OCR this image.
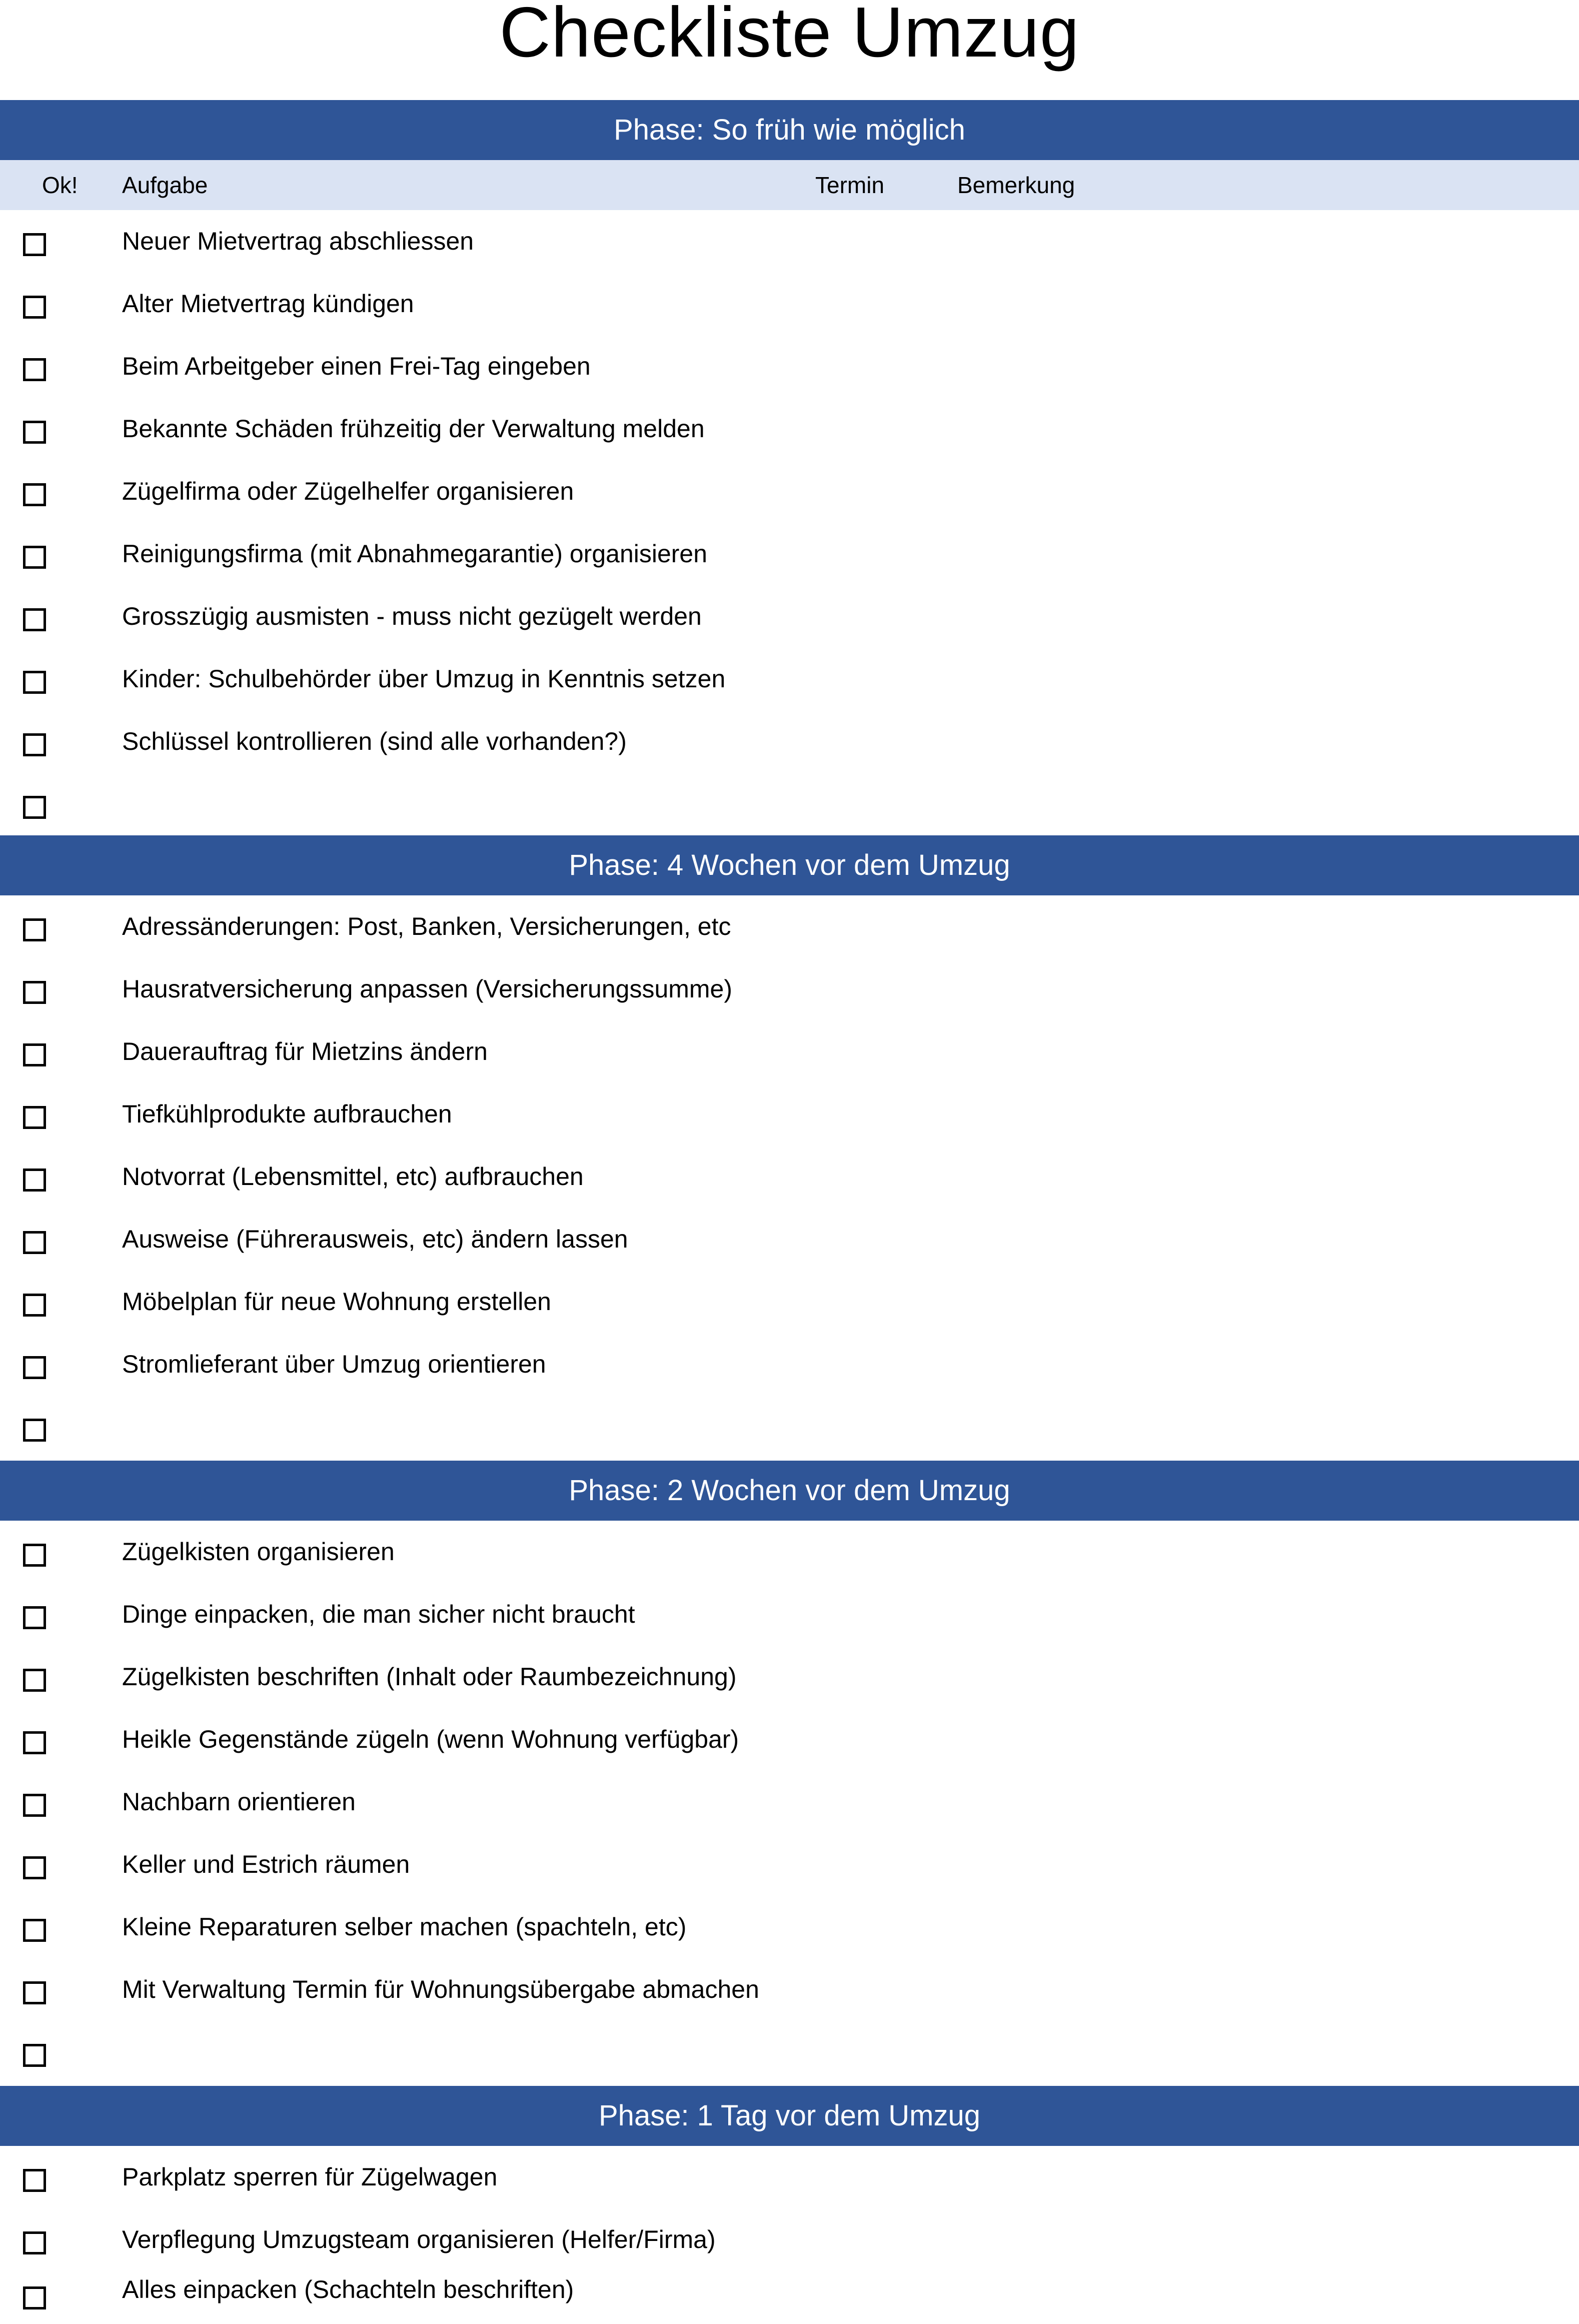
Checkliste Umzug
Phase: So früh wie möglich
Ok! Aufgabe	Termin	Bemerkung
Neuer Mietvertrag abschliessen
Alter Mietvertrag kündigen
Beim Arbeitgeber einen Frei-Tag eingeben
Bekannte Schäden frühzeitig der Verwaltung melden
Zügelfirma oder Zügelhelfer organisieren
Reinigungsfirma (mit Abnahmegarantie) organisieren
Grosszügig ausmisten - muss nicht gezügelt werden
Kinder: Schulbehörder über Umzug in Kenntnis setzen
Schlüssel kontrollieren (sind alle vorhanden?)
Phase: 4 Wochen vor dem Umzug
Adressänderungen: Post, Banken, Versicherungen, etc
Hausratversicherung anpassen (Versicherungssumme)
Dauerauftrag für Mietzins ändern
Tiefkühlprodukte aufbrauchen
Notvorrat (Lebensmittel, etc) aufbrauchen
Ausweise (Führerausweis, etc) ändern lassen
Möbelplan für neue Wohnung erstellen
Stromlieferant über Umzug orientieren
Phase: 2 Wochen vor dem Umzug
Zügelkisten organisieren
Dinge einpacken, die man sicher nicht braucht
Zügelkisten beschriften (Inhalt oder Raumbezeichnung)
Heikle Gegenstände zügeln (wenn Wohnung verfügbar)
Nachbarn orientieren
Keller und Estrich räumen
Kleine Reparaturen selber machen (spachteln, etc)
Mit Verwaltung Termin für Wohnungsübergabe abmachen
Phase: 1 Tag vor dem Umzug
Parkplatz sperren für Zügelwagen
Verpflegung Umzugsteam organisieren (Helfer/Firma)
Alles einpacken (Schachteln beschriften)
